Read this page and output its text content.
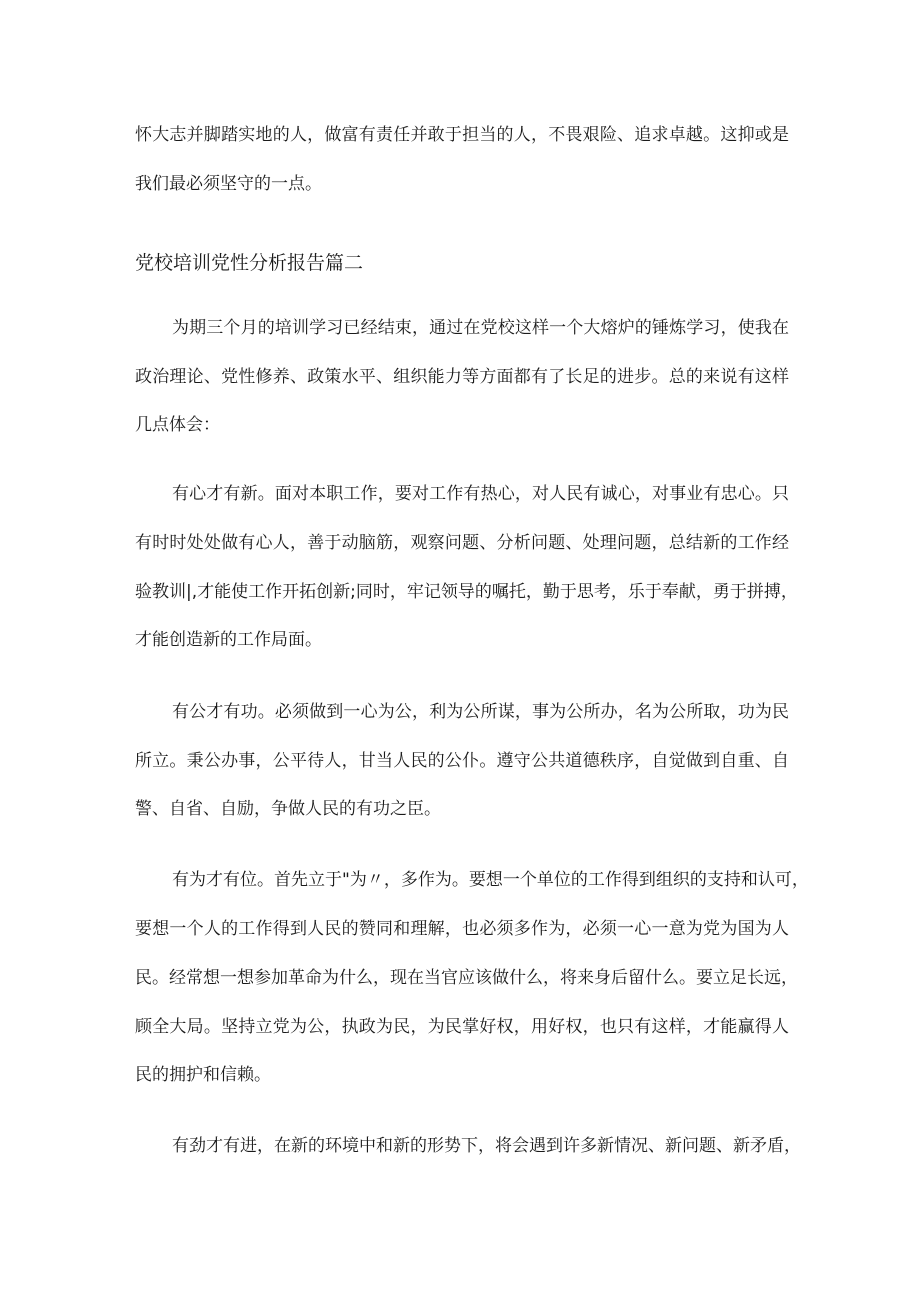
怀大志并脚踏实地的人，做富有责任并敢于担当的人，不畏艰险、追求卓越。这抑或是
我们最必须坚守的一点。
党校培训党性分析报告篇二
为期三个月的培训学习已经结束，通过在党校这样一个大熔炉的锤炼学习，使我在
政治理论、党性修养、政策水平、组织能力等方面都有了长足的进步。总的来说有这样
几点体会：
有心才有新。面对本职工作，要对工作有热心，对人民有诚心，对事业有忠心。只
有时时处处做有心人，善于动脑筋，观察问题、分析问题、处理问题，总结新的工作经
验教训|,才能使工作开拓创新;同时，牢记领导的嘱托，勤于思考，乐于奉献，勇于拼搏，
才能创造新的工作局面。
有公才有功。必须做到一心为公，利为公所谋，事为公所办，名为公所取，功为民
所立。秉公办事，公平待人，甘当人民的公仆。遵守公共道德秩序，自觉做到自重、自
警、自省、自励，争做人民的有功之臣。
有为才有位。首先立于"为〃，多作为。要想一个单位的工作得到组织的支持和认可，
要想一个人的工作得到人民的赞同和理解，也必须多作为，必须一心一意为党为国为人
民。经常想一想参加革命为什么，现在当官应该做什么，将来身后留什么。要立足长远，
顾全大局。坚持立党为公，执政为民，为民掌好权，用好权，也只有这样，才能赢得人
民的拥护和信赖。
有劲才有进，在新的环境中和新的形势下，将会遇到许多新情况、新问题、新矛盾，
